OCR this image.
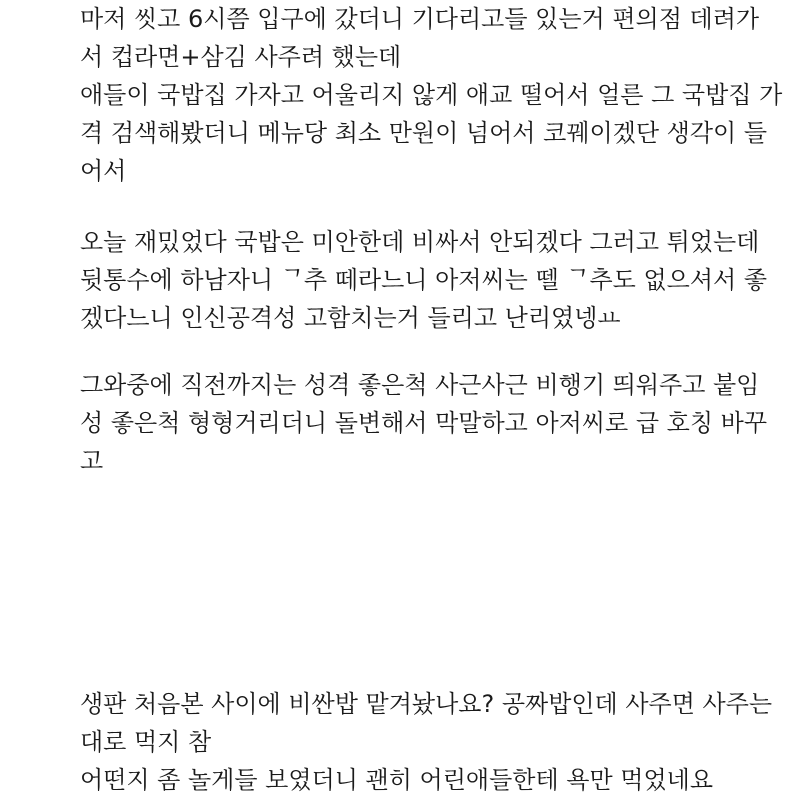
마저 씻고 6시쯤 입구에 갔더니 기다리고들 있는거 편의점 데려가
서 컵라면+삼김 사주려 했는데
애들이 국밥집 가자고 어울리지 않게 애교 떨어서 얼른 그 국밥집 가
격 검색해봤더니 메뉴당 최소 만원이 넘어서 코꿰이겠단 생각이 들
어서
오늘 재밌었다 국밥은 미안한데 비싸서 안되겠다 그러고 튀었는데
뒷통수에 하남자니 ᄀ추 떼라느니 아저씨는 뗄 ᄀ추도 없으셔서 좋
겠다느니 인신공격성 고함치는거 들리고 난리였넹ㅛ
그와중에 직전까지는 성격 좋은척 사근사근 비행기 띄워주고 붙임
성 좋은척 형형거리더니 돌변해서 막말하고 아저씨로 급 호칭 바꾸
고
생판 처음본 사이에 비싼밥 맡겨놨나요? 공짜밥인데 사주면 사주는
대로 먹지 참
어떤지 좀 놀게들 보였더니 괜히 어린애들한테 욕만 먹었네요
